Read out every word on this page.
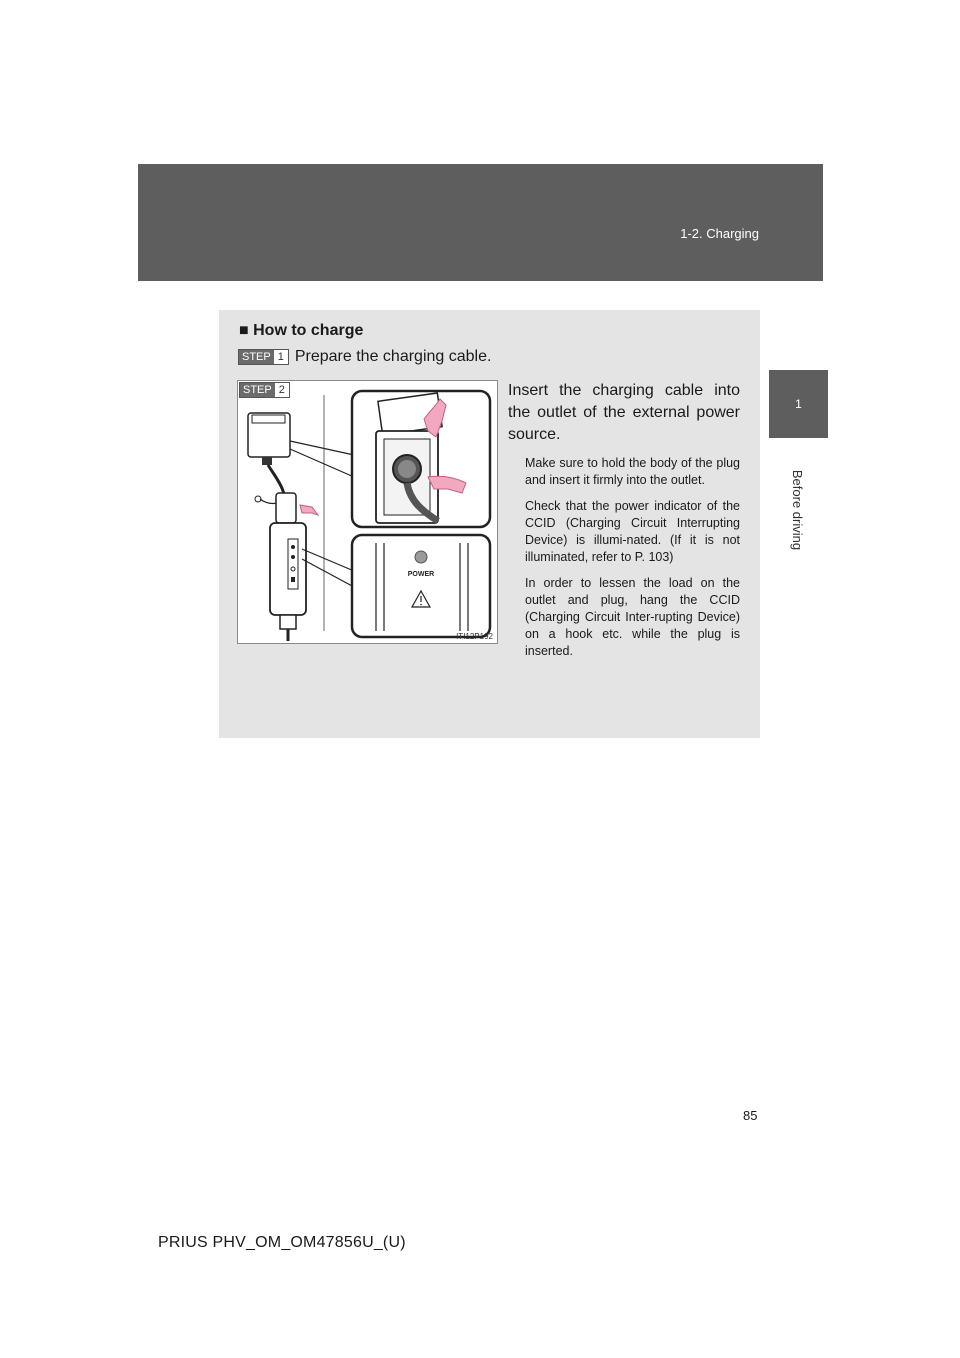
1-2. Charging
1
Before driving
■ How to charge
STEP 1 Prepare the charging cable.
POWER
STEP 2
ITI12P192
Insert the charging cable into the outlet of the external power source.

Make sure to hold the body of the plug and insert it firmly into the outlet.

Check that the power indicator of the CCID (Charging Circuit Interrupting Device) is illumi-nated. (If it is not illuminated, refer to P. 103)

In order to lessen the load on the outlet and plug, hang the CCID (Charging Circuit Inter-rupting Device) on a hook etc. while the plug is inserted.

85
PRIUS PHV_OM_OM47856U_(U)
